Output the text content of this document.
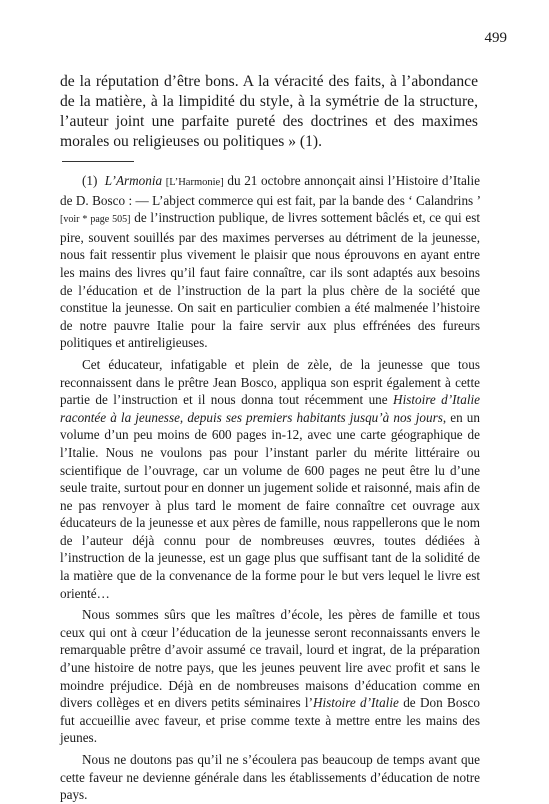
499

de la réputation d’être bons. A la véracité des faits, à l’abondance de la matière, à la limpidité du style, à la symétrie de la structure, l’auteur joint une parfaite pureté des doctrines et des maximes morales ou religieuses ou politiques » (1).

(1) L’Armonia [L’Harmonie] du 21 octobre annonçait ainsi l’Histoire d’Italie de D. Bosco : — L’abject commerce qui est fait, par la bande des ‘ Calandrins ’ [voir * page 505] de l’instruction publique, de livres sottement bâclés et, ce qui est pire, souvent souillés par des maximes perverses au détriment de la jeunesse, nous fait ressentir plus vivement le plaisir que nous éprouvons en ayant entre les mains des livres qu’il faut faire connaître, car ils sont adaptés aux besoins de l’éducation et de l’instruction de la part la plus chère de la société que constitue la jeunesse. On sait en particulier combien a été malmenée l’histoire de notre pauvre Italie pour la faire servir aux plus effrénées des fureurs politiques et antireligieuses.

Cet éducateur, infatigable et plein de zèle, de la jeunesse que tous reconnaissent dans le prêtre Jean Bosco, appliqua son esprit également à cette partie de l’instruction et il nous donna tout récemment une Histoire d’Italie racontée à la jeunesse, depuis ses premiers habitants jusqu’à nos jours, en un volume d’un peu moins de 600 pages in-12, avec une carte géographique de l’Italie. Nous ne voulons pas pour l’instant parler du mérite littéraire ou scientifique de l’ouvrage, car un volume de 600 pages ne peut être lu d’une seule traite, surtout pour en donner un jugement solide et raisonné, mais afin de ne pas renvoyer à plus tard le moment de faire connaître cet ouvrage aux éducateurs de la jeunesse et aux pères de famille, nous rappellerons que le nom de l’auteur déjà connu pour de nombreuses œuvres, toutes dédiées à l’instruction de la jeunesse, est un gage plus que suffisant tant de la solidité de la matière que de la convenance de la forme pour le but vers lequel le livre est orienté…

Nous sommes sûrs que les maîtres d’école, les pères de famille et tous ceux qui ont à cœur l’éducation de la jeunesse seront reconnaissants envers le remarquable prêtre d’avoir assumé ce travail, lourd et ingrat, de la préparation d’une histoire de notre pays, que les jeunes peuvent lire avec profit et sans le moindre préjudice. Déjà en de nombreuses maisons d’éducation comme en divers collèges et en divers petits séminaires l’Histoire d’Italie de Don Bosco fut accueillie avec faveur, et prise comme texte à mettre entre les mains des jeunes.

Nous ne doutons pas qu’il ne s’écoulera pas beaucoup de temps avant que cette faveur ne devienne générale dans les établissements d’éducation de notre pays.
